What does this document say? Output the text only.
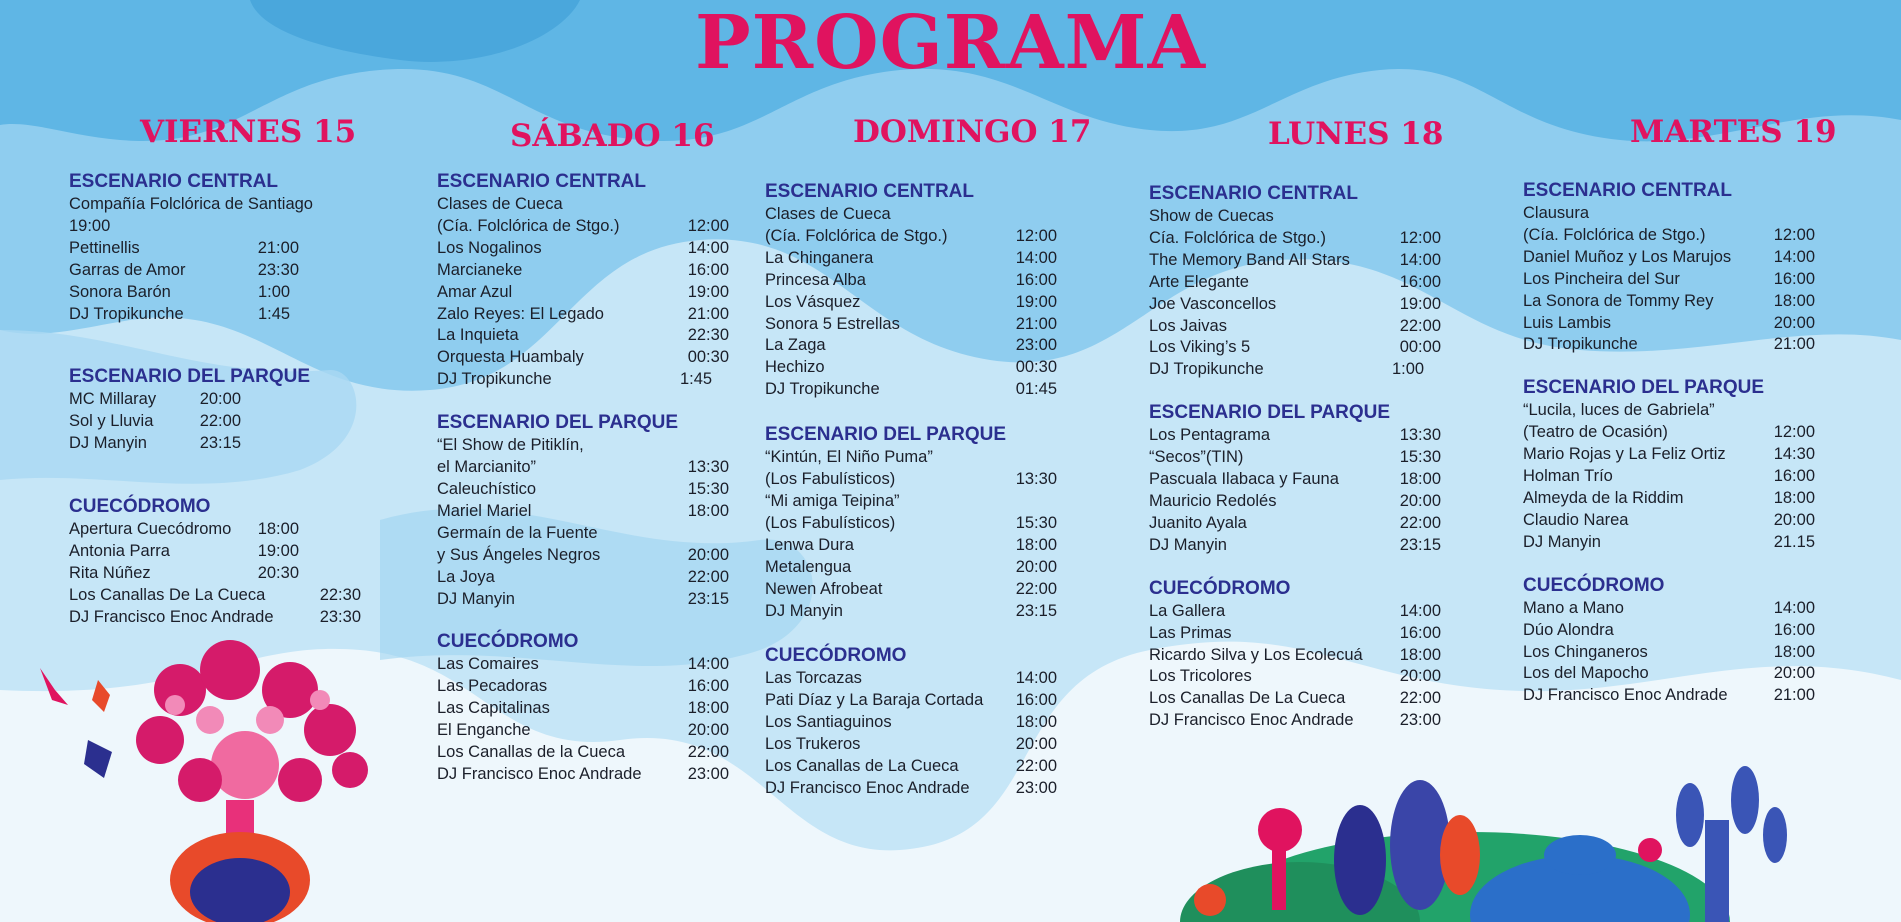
PROGRAMA
VIERNES 15	SÁBADO 16	DOMINGO 17	LUNES 18	MARTES 19
ESCENARIO CENTRAL
Compañía Folclórica de Santiago
19:00
Pettinellis	21:00
Garras de Amor	23:30
Sonora Barón	1:00
DJ Tropikunche	1:45
ESCENARIO DEL PARQUE
MC Millaray	20:00
Sol y Lluvia	22:00
DJ Manyin	23:15
CUECÓDROMO
Apertura Cuecódromo	18:00
Antonia Parra	19:00
Rita Núñez	20:30
Los Canallas De La Cueca	22:30
DJ Francisco Enoc Andrade	23:30
ESCENARIO CENTRAL
Clases de Cueca
(Cía. Folclórica de Stgo.)	12:00
Los Nogalinos	14:00
Marcianeke	16:00
Amar Azul	19:00
Zalo Reyes: El Legado	21:00
La Inquieta	22:30
Orquesta Huambaly	00:30
DJ Tropikunche	1:45
ESCENARIO DEL PARQUE
“El Show de Pitiklín,
el Marcianito”	13:30
Caleuchístico	15:30
Mariel Mariel	18:00
Germaín de la Fuente
y Sus Ángeles Negros	20:00
La Joya	22:00
DJ Manyin	23:15
CUECÓDROMO
Las Comaires	14:00
Las Pecadoras	16:00
Las Capitalinas	18:00
El Enganche	20:00
Los Canallas de la Cueca	22:00
DJ Francisco Enoc Andrade	23:00
ESCENARIO CENTRAL
Clases de Cueca
(Cía. Folclórica de Stgo.)	12:00
La Chinganera	14:00
Princesa Alba	16:00
Los Vásquez	19:00
Sonora 5 Estrellas	21:00
La Zaga	23:00
Hechizo	00:30
DJ Tropikunche	01:45
ESCENARIO DEL PARQUE
“Kintún, El Niño Puma”
(Los Fabulísticos)	13:30
“Mi amiga Teipina”
(Los Fabulísticos)	15:30
Lenwa Dura	18:00
Metalengua	20:00
Newen Afrobeat	22:00
DJ Manyin	23:15
CUECÓDROMO
Las Torcazas	14:00
Pati Díaz y La Baraja Cortada	16:00
Los Santiaguinos	18:00
Los Trukeros	20:00
Los Canallas de La Cueca	22:00
DJ Francisco Enoc Andrade	23:00
ESCENARIO CENTRAL
Show de Cuecas
Cía. Folclórica de Stgo.)	12:00
The Memory Band All Stars	14:00
Arte Elegante	16:00
Joe Vasconcellos	19:00
Los Jaivas	22:00
Los Viking’s 5	00:00
DJ Tropikunche	1:00
ESCENARIO DEL PARQUE
Los Pentagrama	13:30
“Secos”(TIN)	15:30
Pascuala Ilabaca y Fauna	18:00
Mauricio Redolés	20:00
Juanito Ayala	22:00
DJ Manyin	23:15
CUECÓDROMO
La Gallera	14:00
Las Primas	16:00
Ricardo Silva y Los Ecolecuá	18:00
Los Tricolores	20:00
Los Canallas De La Cueca	22:00
DJ Francisco Enoc Andrade	23:00
ESCENARIO CENTRAL
Clausura
(Cía. Folclórica de Stgo.)	12:00
Daniel Muñoz y Los Marujos	14:00
Los Pincheira del Sur	16:00
La Sonora de Tommy Rey	18:00
Luis Lambis	20:00
DJ Tropikunche	21:00
ESCENARIO DEL PARQUE
“Lucila, luces de Gabriela”
(Teatro de Ocasión)	12:00
Mario Rojas y La Feliz Ortiz	14:30
Holman Trío	16:00
Almeyda de la Riddim	18:00
Claudio Narea	20:00
DJ Manyin	21.15
CUECÓDROMO
Mano a Mano	14:00
Dúo Alondra	16:00
Los Chinganeros	18:00
Los del Mapocho	20:00
DJ Francisco Enoc Andrade	21:00
